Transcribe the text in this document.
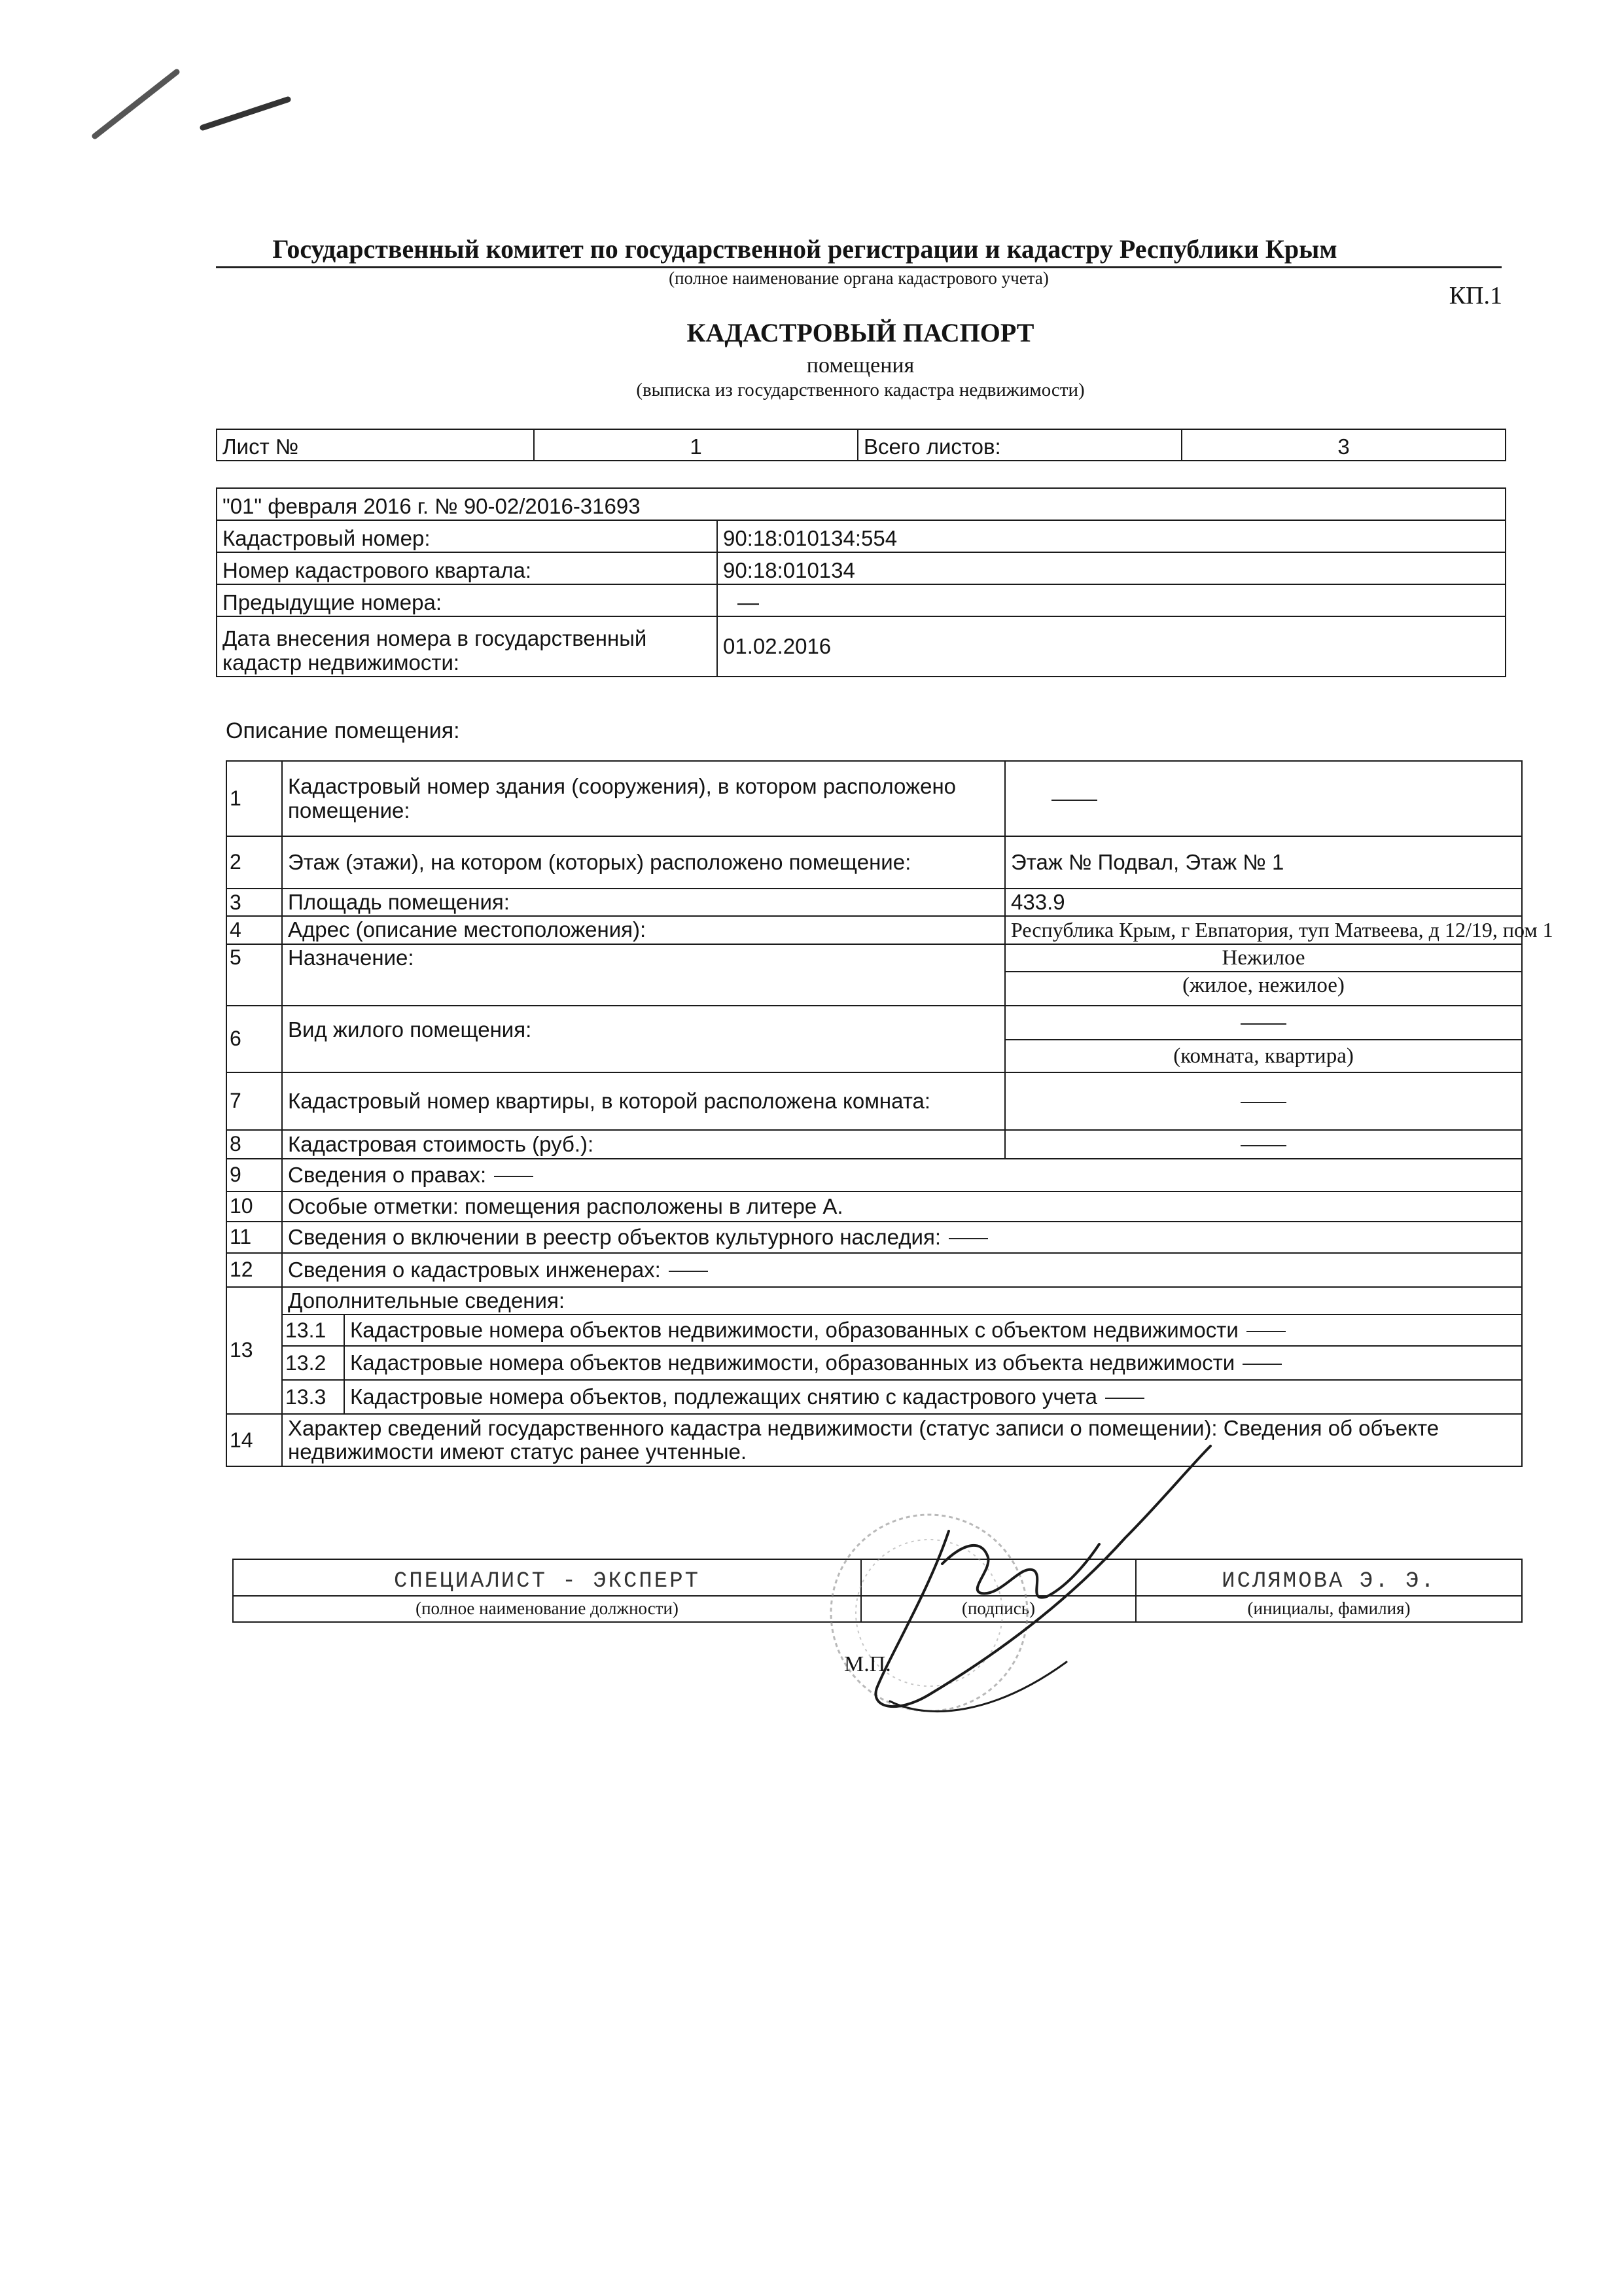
Государственный комитет по государственной регистрации и кадастру Республики Крым
(полное наименование органа кадастрового учета)
КП.1
КАДАСТРОВЫЙ ПАСПОРТ
помещения
(выписка из государственного кадастра недвижимости)
Лист №	1	Всего листов:	3
"01" февраля 2016 г. № 90-02/2016-31693	
Кадастровый номер:	90:18:010134:554
Номер кадастрового квартала:	90:18:010134
Предыдущие номера:	—
Дата внесения номера в государственный кадастр недвижимости:	01.02.2016
Описание помещения:
1	Кадастровый номер здания (сооружения), в котором расположено помещение:		
2	Этаж (этажи), на котором (которых) расположено помещение:		Этаж № Подвал, Этаж № 1
3	Площадь помещения:		433.9
4	Адрес (описание местоположения):		Республика Крым, г Евпатория, туп Матвеева, д 12/19, пом 1
5	Назначение:		Нежилое
			(жилое, нежилое)
6	Вид жилого помещения:		
			(комната, квартира)
7	Кадастровый номер квартиры, в которой расположена комната:		
8	Кадастровая стоимость (руб.):		
9	Сведения о правах:		
10	Особые отметки: помещения расположены в литере А.		
11	Сведения о включении в реестр объектов культурного наследия:		
12	Сведения о кадастровых инженерах:		
13	Дополнительные сведения:		
	13.1	Кадастровые номера объектов недвижимости, образованных с объектом недвижимости	
	13.2	Кадастровые номера объектов недвижимости, образованных из объекта недвижимости	
	13.3	Кадастровые номера объектов, подлежащих снятию с кадастрового учета	
14	Характер сведений государственного кадастра недвижимости (статус записи о помещении): Сведения об объекте недвижимости имеют статус ранее учтенные.		
СПЕЦИАЛИСТ - ЭКСПЕРТ		ИСЛЯМОВА Э. Э.
(полное наименование должности)	(подпись)	(инициалы, фамилия)
М.П.
